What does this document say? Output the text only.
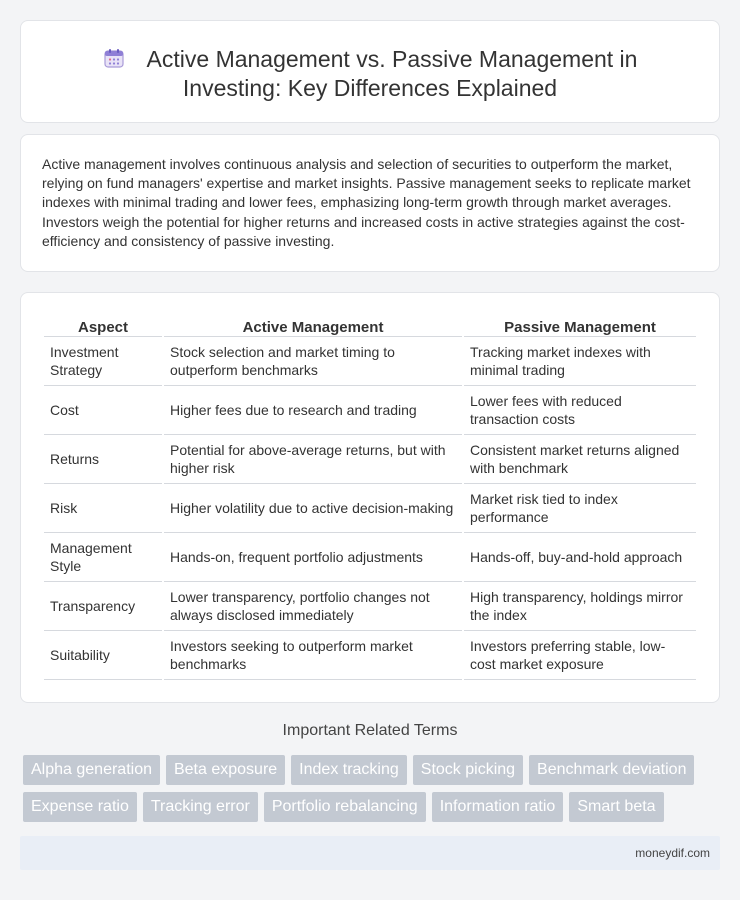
Active Management vs. Passive Management in
Investing: Key Differences Explained

Active management involves continuous analysis and selection of securities to outperform the market, relying on fund managers' expertise and market insights. Passive management seeks to replicate market indexes with minimal trading and lower fees, emphasizing long-term growth through market averages. Investors weigh the potential for higher returns and increased costs in active strategies against the cost-efficiency and consistency of passive investing.

Aspect	Active Management	Passive Management
Investment Strategy	Stock selection and market timing to outperform benchmarks	Tracking market indexes with minimal trading
Cost	Higher fees due to research and trading	Lower fees with reduced transaction costs
Returns	Potential for above-average returns, but with higher risk	Consistent market returns aligned with benchmark
Risk	Higher volatility due to active decision-making	Market risk tied to index performance
Management Style	Hands-on, frequent portfolio adjustments	Hands-off, buy-and-hold approach
Transparency	Lower transparency, portfolio changes not always disclosed immediately	High transparency, holdings mirror the index
Suitability	Investors seeking to outperform market benchmarks	Investors preferring stable, low-cost market exposure
Important Related Terms
Alpha generation	Beta exposure	Index tracking	Stock picking	Benchmark deviation
Expense ratio	Tracking error	Portfolio rebalancing	Information ratio	Smart beta
moneydif.com
